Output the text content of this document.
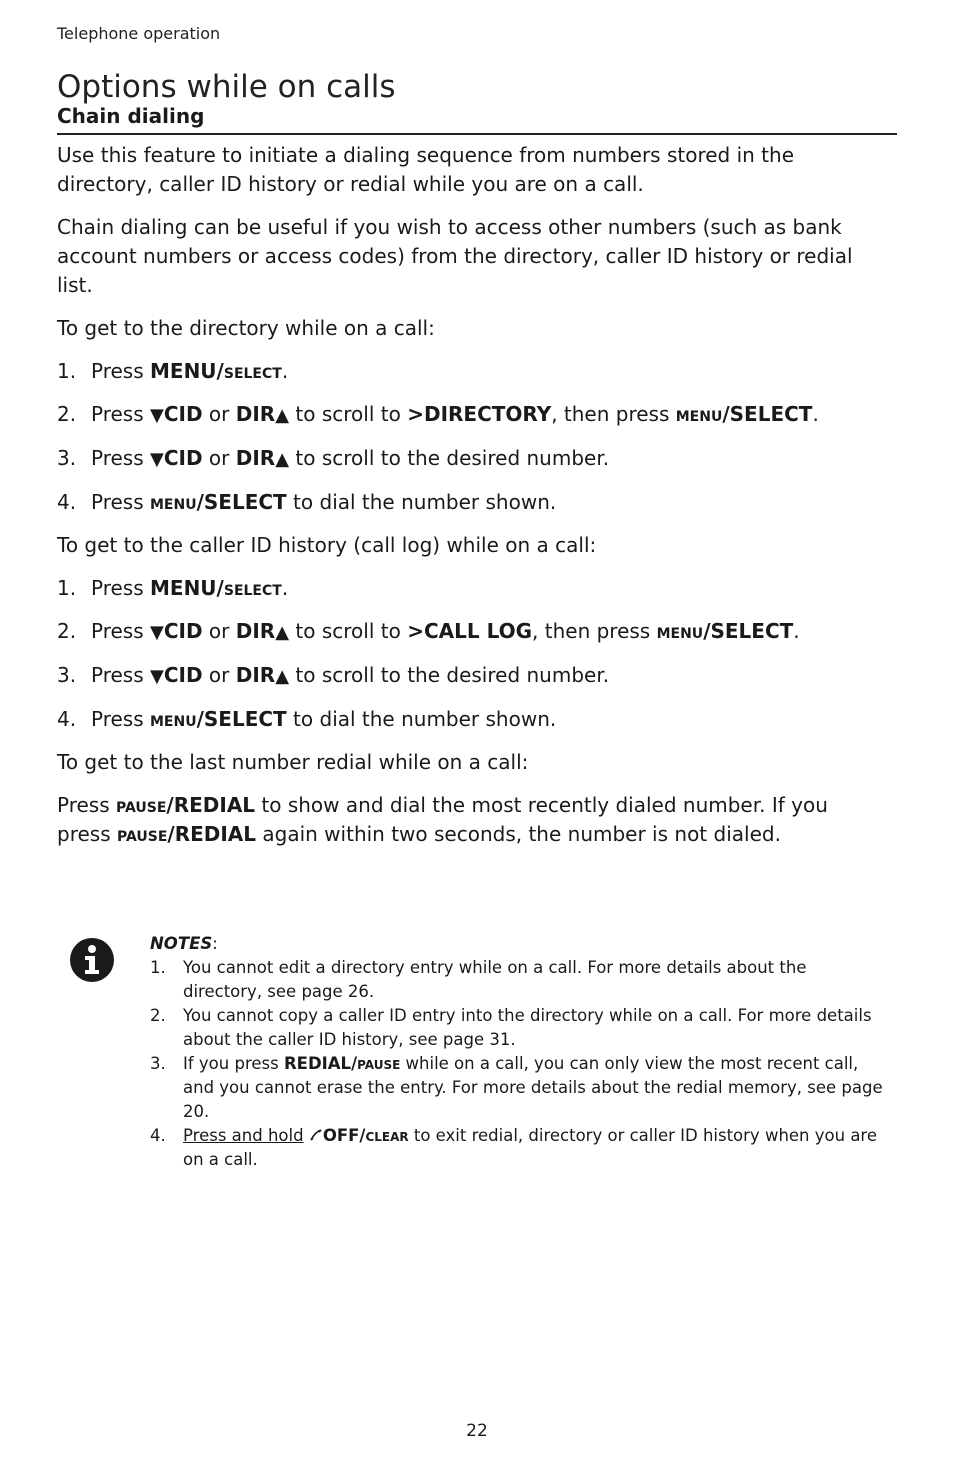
Telephone operation
Options while on calls
Chain dialing

Use this feature to initiate a dialing sequence from numbers stored in the directory, caller ID history or redial while you are on a call.

Chain dialing can be useful if you wish to access other numbers (such as bank account numbers or access codes) from the directory, caller ID history or redial list.

To get to the directory while on a call:

1. Press MENU/select.
2. Press ▼CID or DIR▲ to scroll to >DIRECTORY, then press menu/SELECT.
3. Press ▼CID or DIR▲ to scroll to the desired number.
4. Press menu/SELECT to dial the number shown.

To get to the caller ID history (call log) while on a call:

1. Press MENU/select.
2. Press ▼CID or DIR▲ to scroll to >CALL LOG, then press menu/SELECT.
3. Press ▼CID or DIR▲ to scroll to the desired number.
4. Press menu/SELECT to dial the number shown.

To get to the last number redial while on a call:

Press pause/REDIAL to show and dial the most recently dialed number. If you press pause/REDIAL again within two seconds, the number is not dialed.

NOTES:
1. You cannot edit a directory entry while on a call. For more details about the directory, see page 26.
2. You cannot copy a caller ID entry into the directory while on a call. For more details about the caller ID history, see page 31.
3. If you press REDIAL/pause while on a call, you can only view the most recent call, and you cannot erase the entry. For more details about the redial memory, see page 20.
4. Press and hold OFF/clear to exit redial, directory or caller ID history when you are on a call.
22
